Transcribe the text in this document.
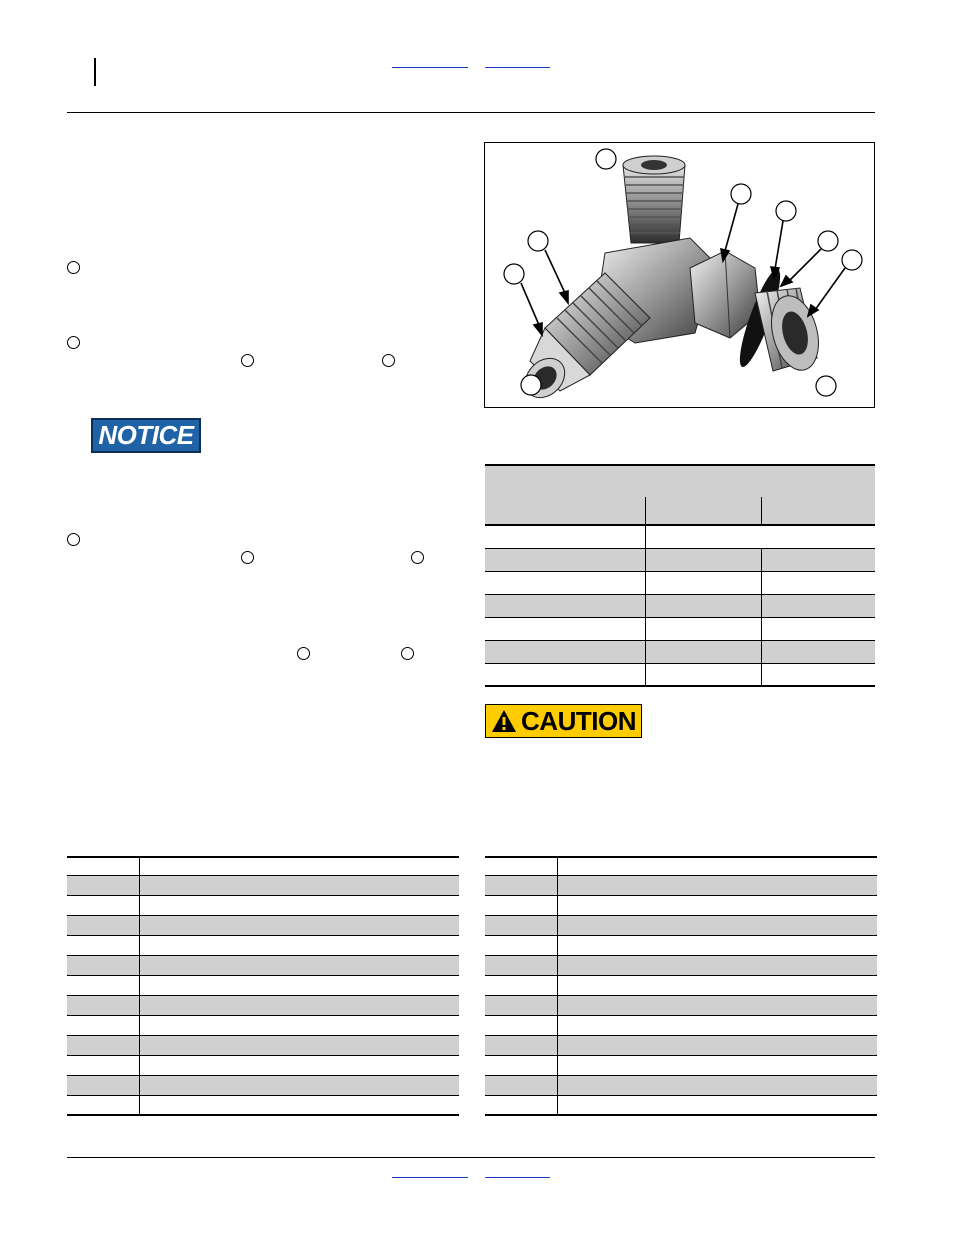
NOTICE
CAUTION
